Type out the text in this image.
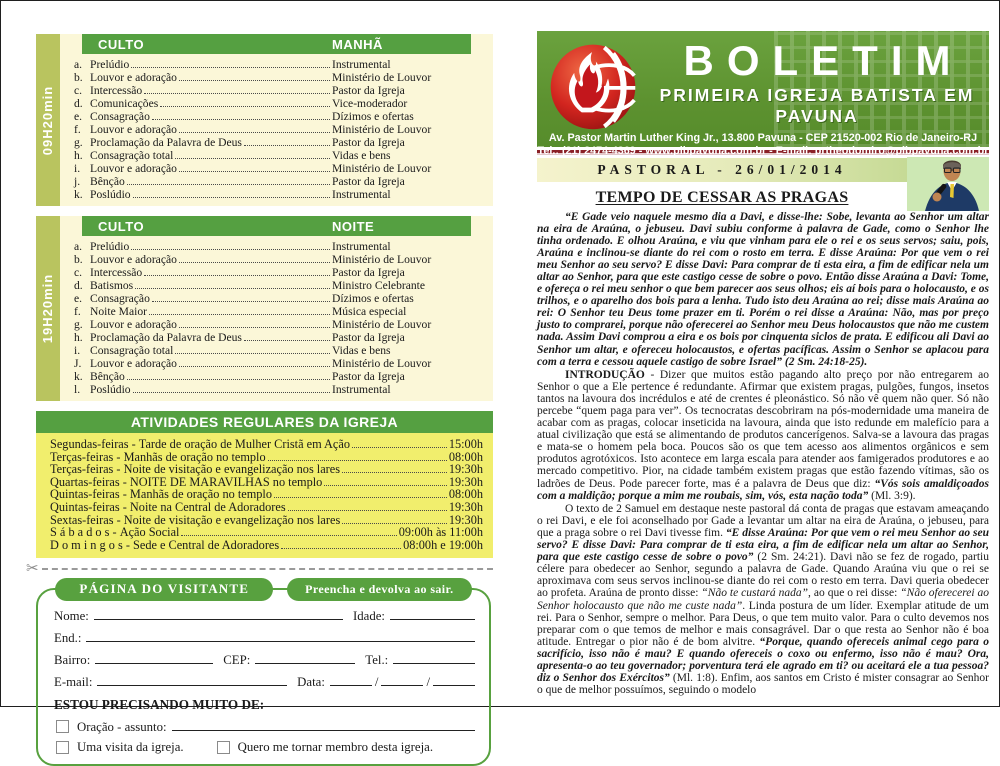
09H20min
CULTO	MANHÃ
a. Prelúdio	Instrumental
b. Louvor e adoração	Ministério de Louvor
c. Intercessão	Pastor da Igreja
d. Comunicações	Vice-moderador
e. Consagração	Dízimos e ofertas
f. Louvor e adoração	Ministério de Louvor
g. Proclamação da Palavra de Deus	Pastor da Igreja
h. Consagração total	Vidas e bens
i. Louvor e adoração	Ministério de Louvor
j. Bênção	Pastor da Igreja
k. Poslúdio	Instrumental
19H20min
CULTO	NOITE
a. Prelúdio	Instrumental
b. Louvor e adoração	Ministério de Louvor
c. Intercessão	Pastor da Igreja
d. Batismos	Ministro Celebrante
e. Consagração	Dízimos e ofertas
f. Noite Maior	Música especial
g. Louvor e adoração	Ministério de Louvor
h. Proclamação da Palavra de Deus	Pastor da Igreja
i. Consagração total	Vidas e bens
J. Louvor e adoração	Ministério de Louvor
k. Bênção	Pastor da Igreja
l. Poslúdio	Instrumental
ATIVIDADES REGULARES DA IGREJA
Segundas-feiras - Tarde de oração de Mulher Cristã em Ação	15:00h
Terças-feiras - Manhãs de oração no templo	08:00h
Terças-feiras - Noite de visitação e evangelização nos lares	19:30h
Quartas-feiras - NOITE DE MARAVILHAS no templo	19:30h
Quintas-feiras - Manhãs de oração no templo	08:00h
Quintas-feiras - Noite na Central de Adoradores	19:30h
Sextas-feiras - Noite de visitação e evangelização nos lares	19:30h
S á b a d o s - Ação Social	09:00h às 11:00h
D o m i n g o s - Sede e Central de Adoradores	08:00h e 19:00h
✂
PÁGINA DO VISITANTE	Preencha e devolva ao sair.
Nome:	Idade:
End.:
Bairro:	CEP:	Tel.:
E-mail:	Data:	/	/
ESTOU PRECISANDO MUITO DE:
Oração - assunto:
Uma visita da igreja.	Quero me tornar membro desta igreja.
BOLETIM
PRIMEIRA IGREJA BATISTA EM PAVUNA
Av. Pastor Martin Luther King Jr., 13.800 Pavuna - CEP 21520-002 Rio de Janeiro-RJ
Tel.: (21) 2474-4369 - www.pibpavuna.com.br - E-mail: prtheodomiro@pibpavuna.com.br
PASTORAL - 26/01/2014
TEMPO DE CESSAR AS PRAGAS

“E Gade veio naquele mesmo dia a Davi, e disse-lhe: Sobe, levanta ao Senhor um altar na eira de Araúna, o jebuseu. Davi subiu conforme à palavra de Gade, como o Senhor lhe tinha ordenado. E olhou Araúna, e viu que vinham para ele o rei e os seus servos; saiu, pois, Araúna e inclinou-se diante do rei com o rosto em terra. E disse Araúna: Por que vem o rei meu Senhor ao seu servo? E disse Davi: Para comprar de ti esta eira, a fim de edificar nela um altar ao Senhor, para que este castigo cesse de sobre o povo. Então disse Araúna a Davi: Tome, e ofereça o rei meu senhor o que bem parecer aos seus olhos; eis aí bois para o holocausto, e os trilhos, e o aparelho dos bois para a lenha. Tudo isto deu Araúna ao rei; disse mais Araúna ao rei: O Senhor teu Deus tome prazer em ti. Porém o rei disse a Araúna: Não, mas por preço justo to comprarei, porque não oferecerei ao Senhor meu Deus holocaustos que não me custem nada. Assim Davi comprou a eira e os bois por cinquenta siclos de prata. E edificou ali Davi ao Senhor um altar, e ofereceu holocaustos, e ofertas pacíficas. Assim o Senhor se aplacou para com a terra e cessou aquele castigo de sobre Israel” (2 Sm. 24:18-25).

INTRODUÇÃO - Dizer que muitos estão pagando alto preço por não entregarem ao Senhor o que a Ele pertence é redundante. Afirmar que existem pragas, pulgões, fungos, insetos tantos na lavoura dos incrédulos e até de crentes é pleonástico. Só não vê quem não quer. Só não percebe “quem paga para ver”. Os tecnocratas descobriram na pós-modernidade uma maneira de acabar com as pragas, colocar inseticida na lavoura, ainda que isto redunde em malefício para a atual civilização que está se alimentando de produtos cancerígenos. Salva-se a lavoura das pragas e mata-se o homem pela boca. Poucos são os que tem acesso aos alimentos orgânicos e sem produtos agrotóxicos. Isto acontece em larga escala para atender aos famigerados produtores e ao mercado competitivo. Pior, na cidade também existem pragas que estão fazendo vítimas, são os ladrões de Deus. Pode parecer forte, mas é a palavra de Deus que diz: “Vós sois amaldiçoados com a maldição; porque a mim me roubais, sim, vós, esta nação toda” (Ml. 3:9).

O texto de 2 Samuel em destaque neste pastoral dá conta de pragas que estavam ameaçando o rei Davi, e ele foi aconselhado por Gade a levantar um altar na eira de Araúna, o jebuseu, para que a praga sobre o rei Davi tivesse fim. “E disse Araúna: Por que vem o rei meu Senhor ao seu servo? E disse Davi: Para comprar de ti esta eira, a fim de edificar nela um altar ao Senhor, para que este castigo cesse de sobre o povo” (2 Sm. 24:21). Davi não se fez de rogado, partiu célere para obedecer ao Senhor, segundo a palavra de Gade. Quando Araúna viu que o rei se aproximava com seus servos inclinou-se diante do rei com o resto em terra. Davi queria obedecer ao profeta. Araúna de pronto disse: “Não te custará nada”, ao que o rei disse: “Não oferecerei ao Senhor holocausto que não me custe nada”. Linda postura de um líder. Exemplar atitude de um rei. Para o Senhor, sempre o melhor. Para Deus, o que tem muito valor. Para o culto devemos nos preparar com o que temos de melhor e mais consagrável. Dar o que resta ao Senhor não é boa atitude. Entregar o pior não é de bom alvitre. “Porque, quando ofereceis animal cego para o sacrifício, isso não é mau? E quando ofereceis o coxo ou enfermo, isso não é mau? Ora, apresenta-o ao teu governador; porventura terá ele agrado em ti? ou aceitará ele a tua pessoa? diz o Senhor dos Exércitos” (Ml. 1:8). Enfim, aos santos em Cristo é mister consagrar ao Senhor o que de melhor possuímos, seguindo o modelo
